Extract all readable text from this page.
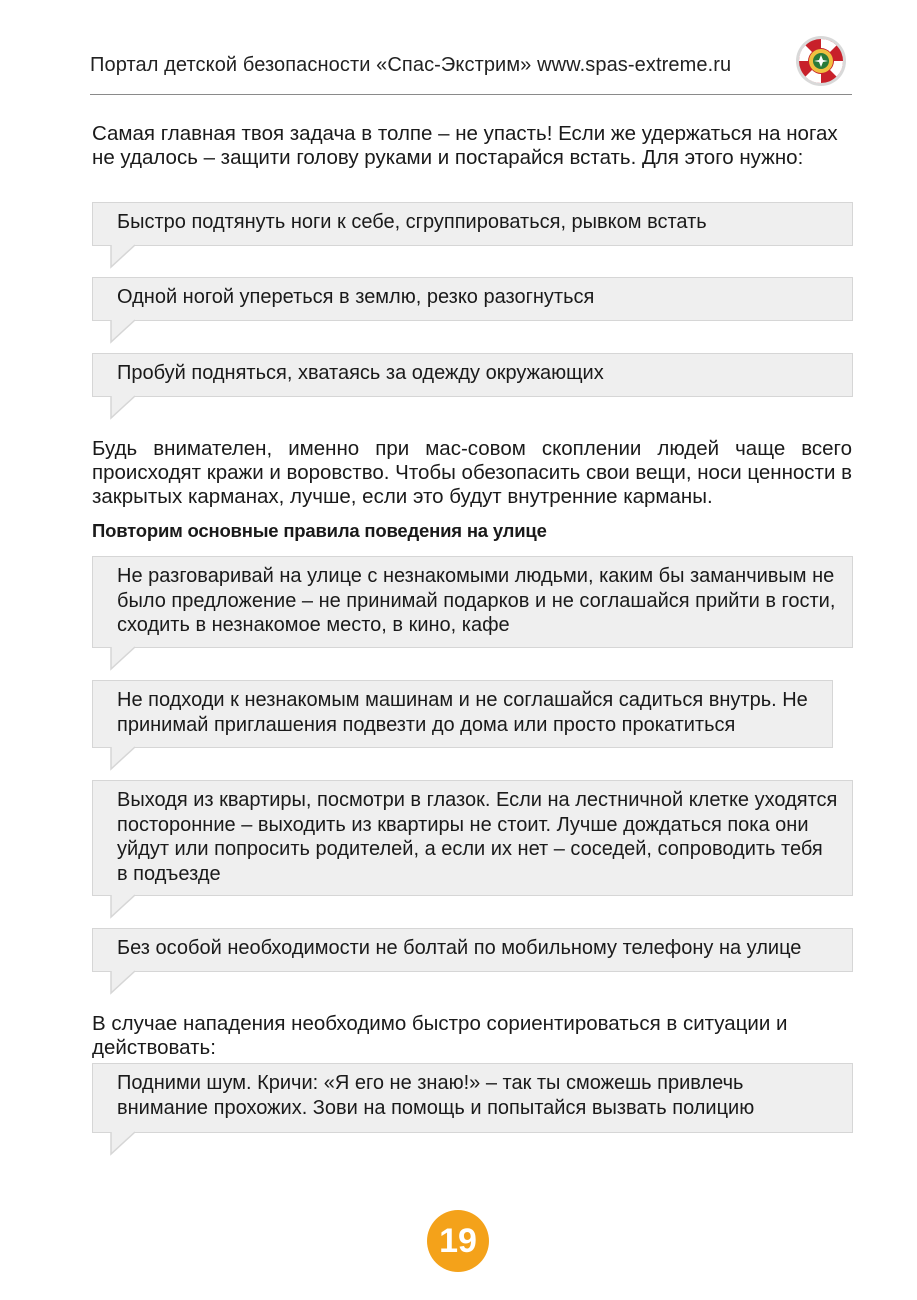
Портал детской безопасности «Спас-Экстрим» www.spas-extreme.ru
Самая главная твоя задача в толпе – не упасть! Если же удержаться на ногах не удалось – защити голову руками и постарайся встать. Для этого нужно:
Быстро подтянуть ноги к себе, сгруппироваться, рывком встать
Одной ногой упереться в землю, резко разогнуться
Пробуй подняться, хватаясь за одежду окружающих
Будь внимателен, именно при мас-совом скоплении людей чаще всего происходят кражи и воровство. Чтобы обезопасить свои вещи, носи ценности в закрытых карманах, лучше, если это будут внутренние карманы.
Повторим основные правила поведения на улице
Не разговаривай на улице с незнакомыми людьми, каким бы заманчивым не было предложение – не принимай подарков и не соглашайся прийти в гости, сходить в незнакомое место, в кино, кафе
Не подходи к незнакомым машинам и не соглашайся садиться внутрь. Не принимай приглашения подвезти до дома или просто прокатиться
Выходя из квартиры, посмотри в глазок. Если на лестничной клетке уходятся посторонние – выходить из квартиры не стоит. Лучше дождаться пока они уйдут или попросить родителей, а если их нет – соседей, сопроводить тебя в подъезде
Без особой необходимости не болтай по мобильному телефону на улице
В случае нападения необходимо быстро сориентироваться в ситуации и действовать:
Подними шум. Кричи: «Я его не знаю!» – так ты сможешь привлечь внимание прохожих. Зови на помощь и попытайся вызвать полицию
19
